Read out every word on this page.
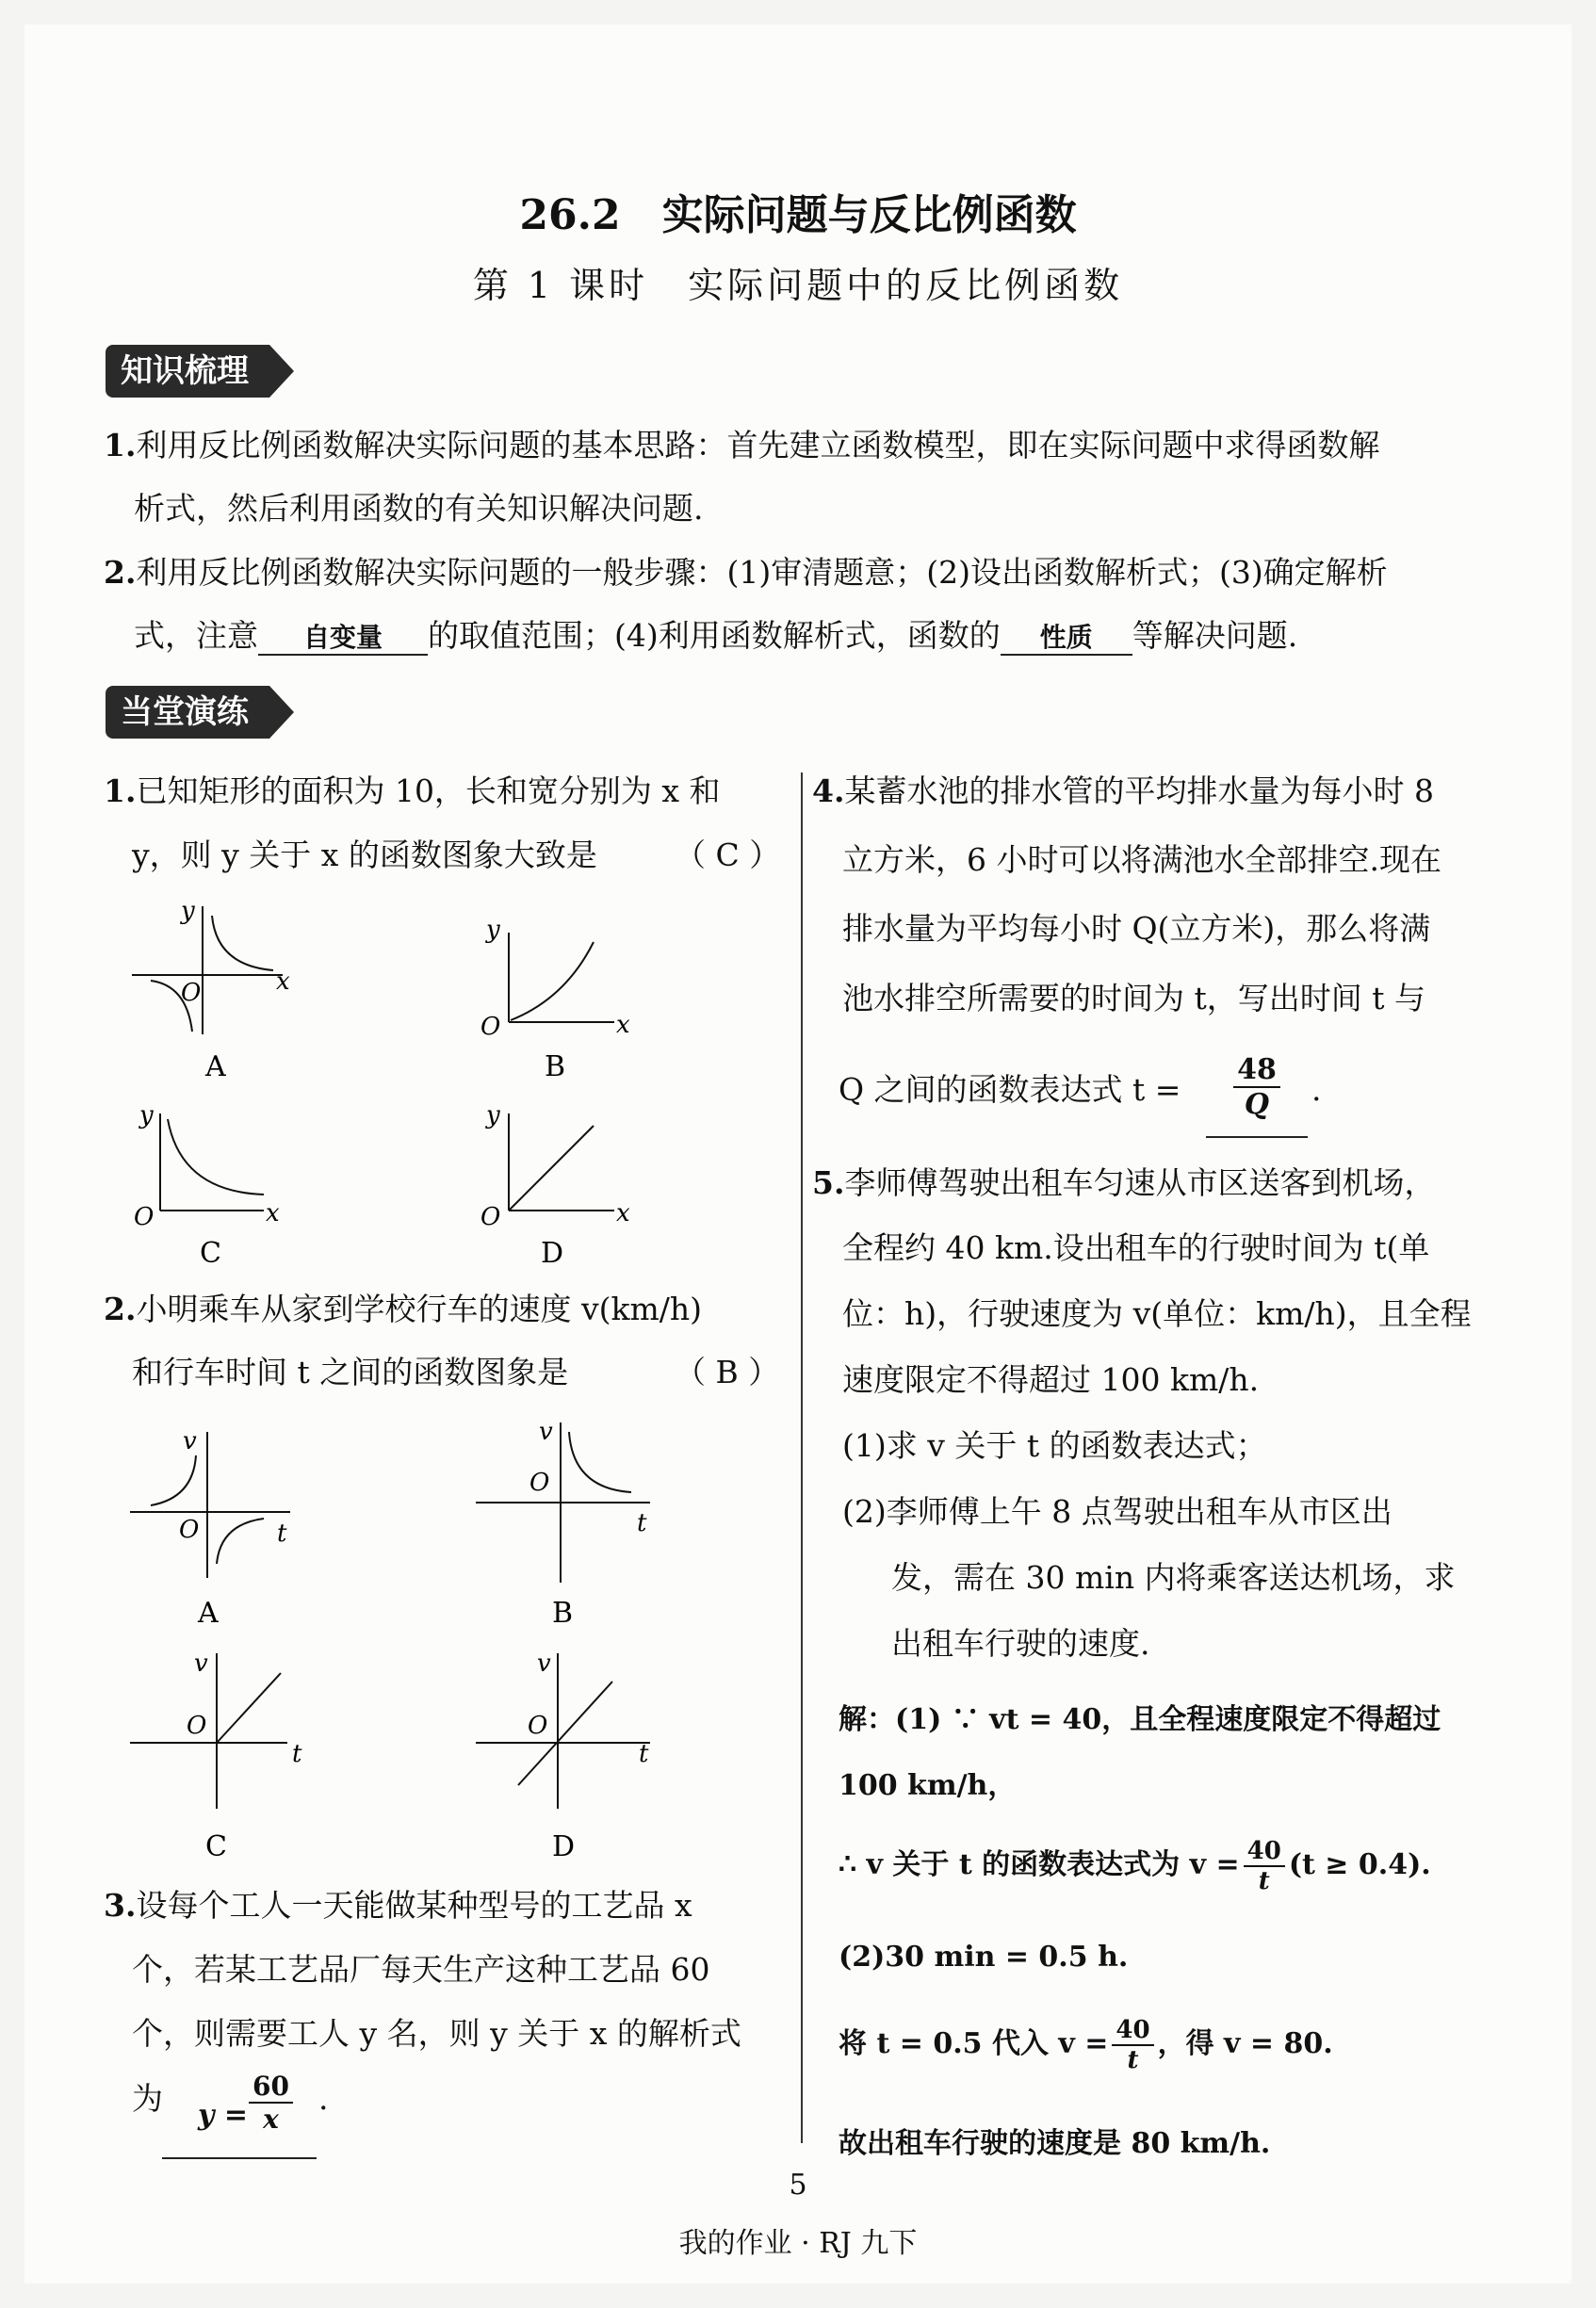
26.2　实际问题与反比例函数
第 1 课时　实际问题中的反比例函数
知识梳理
1.利用反比例函数解决实际问题的基本思路：首先建立函数模型，即在实际问题中求得函数解
析式，然后利用函数的有关知识解决问题.
2.利用反比例函数解决实际问题的一般步骤：(1)审清题意；(2)设出函数解析式；(3)确定解析
式，注意 自变量 的取值范围；(4)利用函数解析式，函数的 性质 等解决问题.
当堂演练
1.已知矩形的面积为 10，长和宽分别为 x 和
y，则 y 关于 x 的函数图象大致是 （ C ）
O	x
y
A
O	x
y
B
O	x
y
C
O	x
y
D
2.小明乘车从家到学校行车的速度 v(km/h)
和行车时间 t 之间的函数图象是	（ B ）
O	t
v
A
O
t
v
B
O
t
v
C
O
t
v
D
3.设每个工人一天能做某种型号的工艺品 x
个，若某工艺品厂每天生产这种工艺品 60
个，则需要工人 y 名，则 y 关于 x 的解析式
为 $y = \frac{60}{x}$ .
4.某蓄水池的排水管的平均排水量为每小时 8
立方米，6 小时可以将满池水全部排空.现在
排水量为平均每小时 Q(立方米)，那么将满
池水排空所需要的时间为 t，写出时间 t 与
Q 之间的函数表达式 $t = \frac{48}{Q}$ .
5.李师傅驾驶出租车匀速从市区送客到机场，
全程约 40 km.设出租车的行驶时间为 t(单
位：h)，行驶速度为 v(单位：km/h)，且全程
速度限定不得超过 100 km/h.
(1)求 v 关于 t 的函数表达式；
(2)李师傅上午 8 点驾驶出租车从市区出
发，需在 30 min 内将乘客送达机场，求
出租车行驶的速度.
解：(1) ∵ vt = 40，且全程速度限定不得超过
100 km/h，
∴ v 关于 t 的函数表达式为 $v = \frac{40}{t} (t \ge 0.4)$.
(2)30 min = 0.5 h.
将 t = 0.5 代入 $v = \frac{40}{t}$ ，得 v = 80.
故出租车行驶的速度是 80 km/h.
5
我的作业 · RJ 九下
